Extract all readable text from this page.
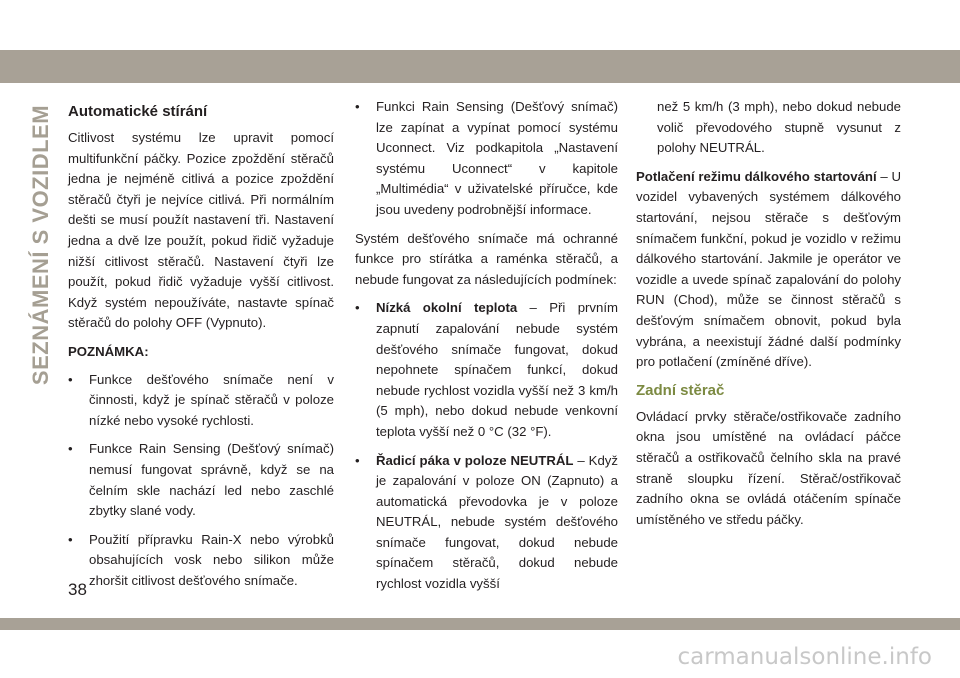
SEZNÁMENÍ S VOZIDLEM Automatické stírání

Citlivost systému lze upravit pomocí multifunkční páčky. Pozice zpoždění stěračů jedna je nejméně citlivá a pozice zpoždění stěračů čtyři je nejvíce citlivá. Při normálním dešti se musí použít nastavení tři. Nastavení jedna a dvě lze použít, pokud řidič vyžaduje nižší citlivost stěračů. Nastavení čtyři lze použít, pokud řidič vyžaduje vyšší citlivost. Když systém nepoužíváte, nastavte spínač stěračů do polohy OFF (Vypnuto).

POZNÁMKA:
• Funkce dešťového snímače není v činnosti, když je spínač stěračů v poloze nízké nebo vysoké rychlosti.
• Funkce Rain Sensing (Dešťový snímač) nemusí fungovat správně, když se na čelním skle nachází led nebo zaschlé zbytky slané vody.
• Použití přípravku Rain-X nebo výrobků obsahujících vosk nebo silikon může zhoršit citlivost dešťového snímače.
• Funkci Rain Sensing (Dešťový snímač) lze zapínat a vypínat pomocí systému Uconnect. Viz podkapitola „Nastavení systému Uconnect“ v kapitole „Multimédia“ v uživatelské příručce, kde jsou uvedeny podrobnější informace.

Systém dešťového snímače má ochranné funkce pro stírátka a raménka stěračů, a nebude fungovat za následujících podmínek:

• Nízká okolní teplota – Při prvním zapnutí zapalování nebude systém dešťového snímače fungovat, dokud nepohnete spínačem funkcí, dokud nebude rychlost vozidla vyšší než 3 km/h (5 mph), nebo dokud nebude venkovní teplota vyšší než 0 °C (32 °F).
• Řadicí páka v poloze NEUTRÁL – Když je zapalování v poloze ON (Zapnuto) a automatická převodovka je v poloze NEUTRÁL, nebude systém dešťového snímače fungovat, dokud nebude spínačem stěračů, dokud nebude rychlost vozidla vyšší
než 5 km/h (3 mph), nebo dokud nebude volič převodového stupně vysunut z polohy NEUTRÁL.

Potlačení režimu dálkového startování – U vozidel vybavených systémem dálkového startování, nejsou stěrače s dešťovým snímačem funkční, pokud je vozidlo v režimu dálkového startování. Jakmile je operátor ve vozidle a uvede spínač zapalování do polohy RUN (Chod), může se činnost stěračů s dešťovým snímačem obnovit, pokud byla vybrána, a neexistují žádné další podmínky pro potlačení (zmíněné dříve).

Zadní stěrač

Ovládací prvky stěrače/ostřikovače zadního okna jsou umístěné na ovládací páčce stěračů a ostřikovačů čelního skla na pravé straně sloupku řízení. Stěrač/ostřikovač zadního okna se ovládá otáčením spínače umístěného ve středu páčky.

38
carmanualsonline.info
